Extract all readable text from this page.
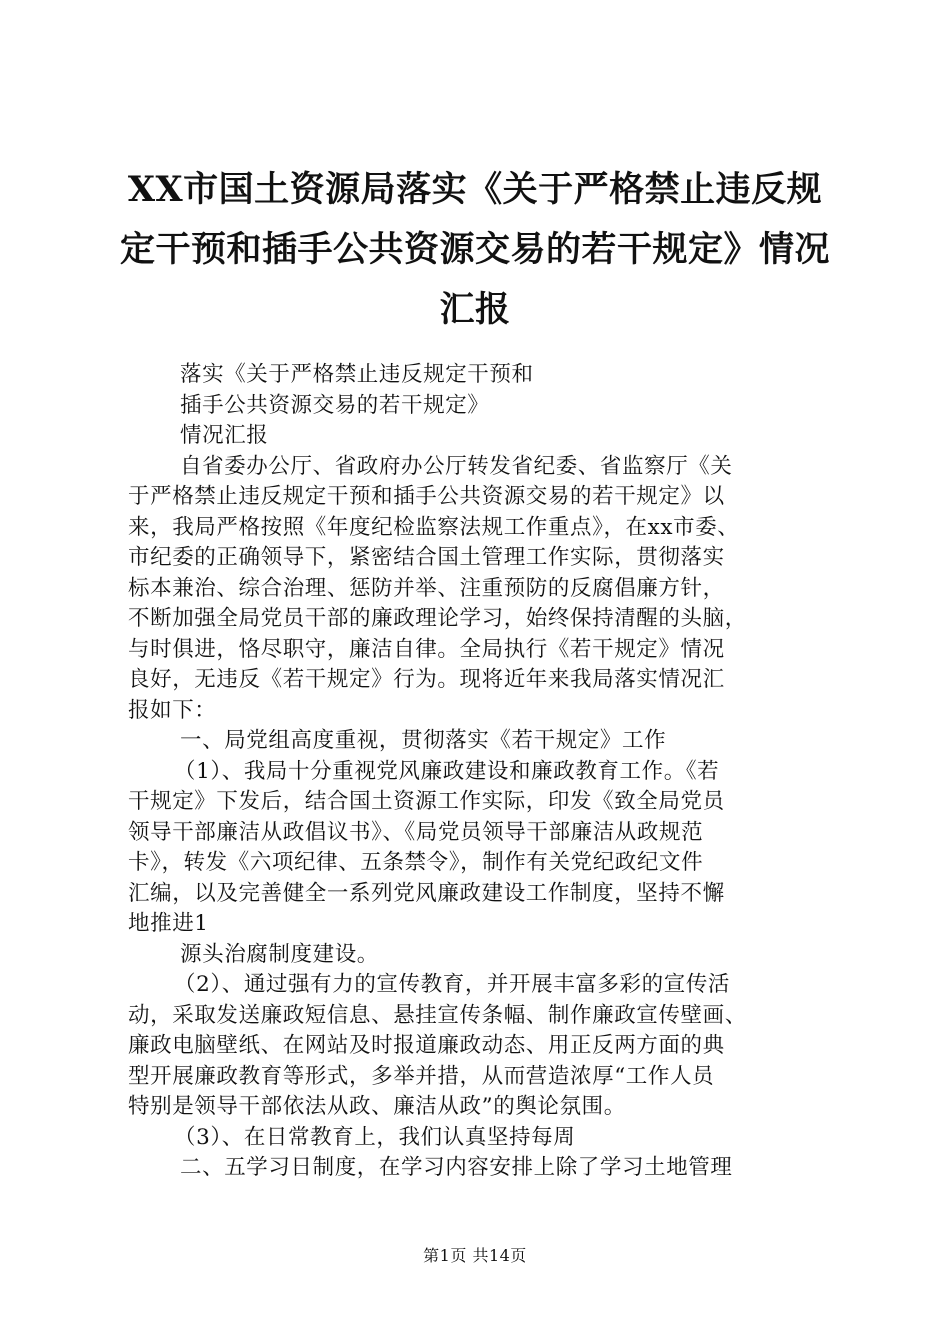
XX市国土资源局落实《关于严格禁止违反规
定干预和插手公共资源交易的若干规定》情况
汇报
落实《关于严格禁止违反规定干预和
插手公共资源交易的若干规定》
情况汇报
自省委办公厅、省政府办公厅转发省纪委、省监察厅《关
于严格禁止违反规定干预和插手公共资源交易的若干规定》以
来，我局严格按照《年度纪检监察法规工作重点》，在xx市委、
市纪委的正确领导下，紧密结合国土管理工作实际，贯彻落实
标本兼治、综合治理、惩防并举、注重预防的反腐倡廉方针，
不断加强全局党员干部的廉政理论学习，始终保持清醒的头脑，
与时俱进，恪尽职守，廉洁自律。全局执行《若干规定》情况
良好，无违反《若干规定》行为。现将近年来我局落实情况汇
报如下：
一、局党组高度重视，贯彻落实《若干规定》工作
（1）、我局十分重视党风廉政建设和廉政教育工作。《若
干规定》下发后，结合国土资源工作实际，印发《致全局党员
领导干部廉洁从政倡议书》、《局党员领导干部廉洁从政规范
卡》，转发《六项纪律、五条禁令》，制作有关党纪政纪文件
汇编，以及完善健全一系列党风廉政建设工作制度，坚持不懈
地推进1
源头治腐制度建设。
（2）、通过强有力的宣传教育，并开展丰富多彩的宣传活
动，采取发送廉政短信息、悬挂宣传条幅、制作廉政宣传壁画、
廉政电脑壁纸、在网站及时报道廉政动态、用正反两方面的典
型开展廉政教育等形式，多举并措，从而营造浓厚“工作人员
特别是领导干部依法从政、廉洁从政”的舆论氛围。
（3）、在日常教育上，我们认真坚持每周
二、五学习日制度，在学习内容安排上除了学习土地管理
第1页 共14页
